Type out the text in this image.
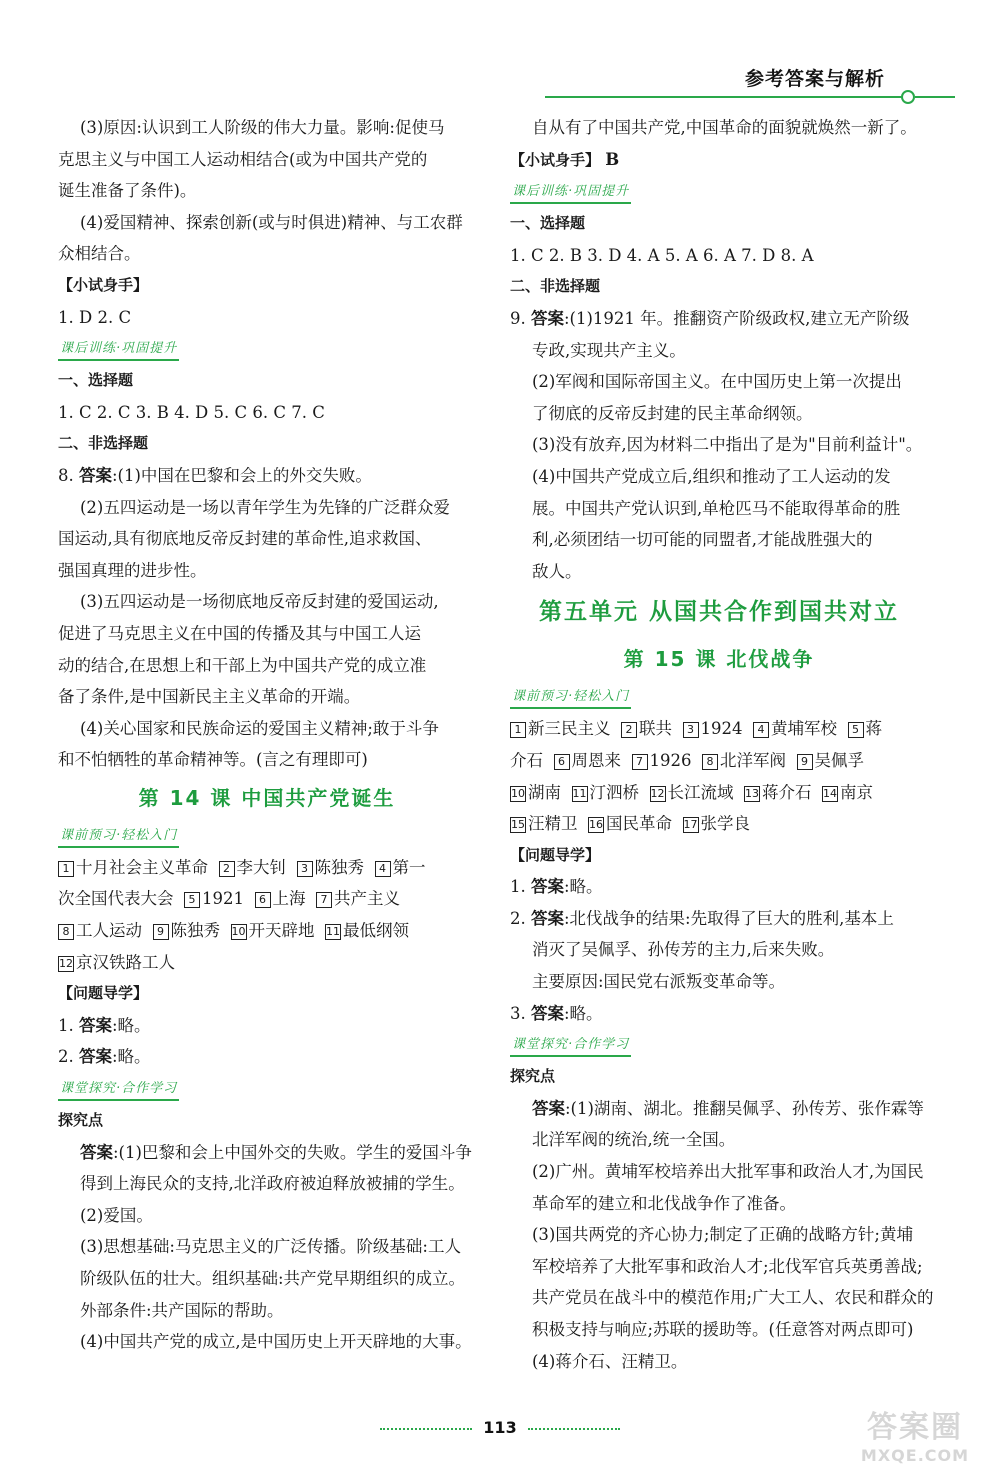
参考答案与解析
(3)原因:认识到工人阶级的伟大力量。影响:促使马
克思主义与中国工人运动相结合(或为中国共产党的
诞生准备了条件)。
(4)爱国精神、探索创新(或与时俱进)精神、与工农群
众相结合。
【小试身手】
1. D 2. C
课后训练·巩固提升
一、选择题
1. C 2. C 3. B 4. D 5. C 6. C 7. C
二、非选择题
8. 答案:(1)中国在巴黎和会上的外交失败。
(2)五四运动是一场以青年学生为先锋的广泛群众爱
国运动,具有彻底地反帝反封建的革命性,追求救国、
强国真理的进步性。
(3)五四运动是一场彻底地反帝反封建的爱国运动,
促进了马克思主义在中国的传播及其与中国工人运
动的结合,在思想上和干部上为中国共产党的成立准
备了条件,是中国新民主主义革命的开端。
(4)关心国家和民族命运的爱国主义精神;敢于斗争
和不怕牺牲的革命精神等。(言之有理即可)
第 14 课 中国共产党诞生
课前预习·轻松入门
1 十月社会主义革命 2 李大钊 3 陈独秀 4 第一
次全国代表大会 5 1921 6 上海 7 共产主义
8 工人运动 9 陈独秀 10 开天辟地 11 最低纲领
12 京汉铁路工人
【问题导学】
1. 答案:略。
2. 答案:略。
课堂探究·合作学习
探究点
答案:(1)巴黎和会上中国外交的失败。学生的爱国斗争
得到上海民众的支持,北洋政府被迫释放被捕的学生。
(2)爱国。
(3)思想基础:马克思主义的广泛传播。阶级基础:工人
阶级队伍的壮大。组织基础:共产党早期组织的成立。
外部条件:共产国际的帮助。
(4)中国共产党的成立,是中国历史上开天辟地的大事。
自从有了中国共产党,中国革命的面貌就焕然一新了。
【小试身手】 B
课后训练·巩固提升
一、选择题
1. C 2. B 3. D 4. A 5. A 6. A 7. D 8. A
二、非选择题
9. 答案:(1)1921 年。推翻资产阶级政权,建立无产阶级
专政,实现共产主义。
(2)军阀和国际帝国主义。在中国历史上第一次提出
了彻底的反帝反封建的民主革命纲领。
(3)没有放弃,因为材料二中指出了是为"目前利益计"。
(4)中国共产党成立后,组织和推动了工人运动的发
展。中国共产党认识到,单枪匹马不能取得革命的胜
利,必须团结一切可能的同盟者,才能战胜强大的
敌人。
第五单元 从国共合作到国共对立
第 15 课 北伐战争
课前预习·轻松入门
1 新三民主义 2 联共 3 1924 4 黄埔军校 5 蒋
介石 6 周恩来 7 1926 8 北洋军阀 9 吴佩孚
10 湖南 11 汀泗桥 12 长江流域 13 蒋介石 14 南京
15 汪精卫 16 国民革命 17 张学良
【问题导学】
1. 答案:略。
2. 答案:北伐战争的结果:先取得了巨大的胜利,基本上
消灭了吴佩孚、孙传芳的主力,后来失败。
主要原因:国民党右派叛变革命等。
3. 答案:略。
课堂探究·合作学习
探究点
答案:(1)湖南、湖北。推翻吴佩孚、孙传芳、张作霖等
北洋军阀的统治,统一全国。
(2)广州。黄埔军校培养出大批军事和政治人才,为国民
革命军的建立和北伐战争作了准备。
(3)国共两党的齐心协力;制定了正确的战略方针;黄埔
军校培养了大批军事和政治人才;北伐军官兵英勇善战;
共产党员在战斗中的模范作用;广大工人、农民和群众的
积极支持与响应;苏联的援助等。(任意答对两点即可)
(4)蒋介石、汪精卫。
113	答案圈
MXQE.COM
